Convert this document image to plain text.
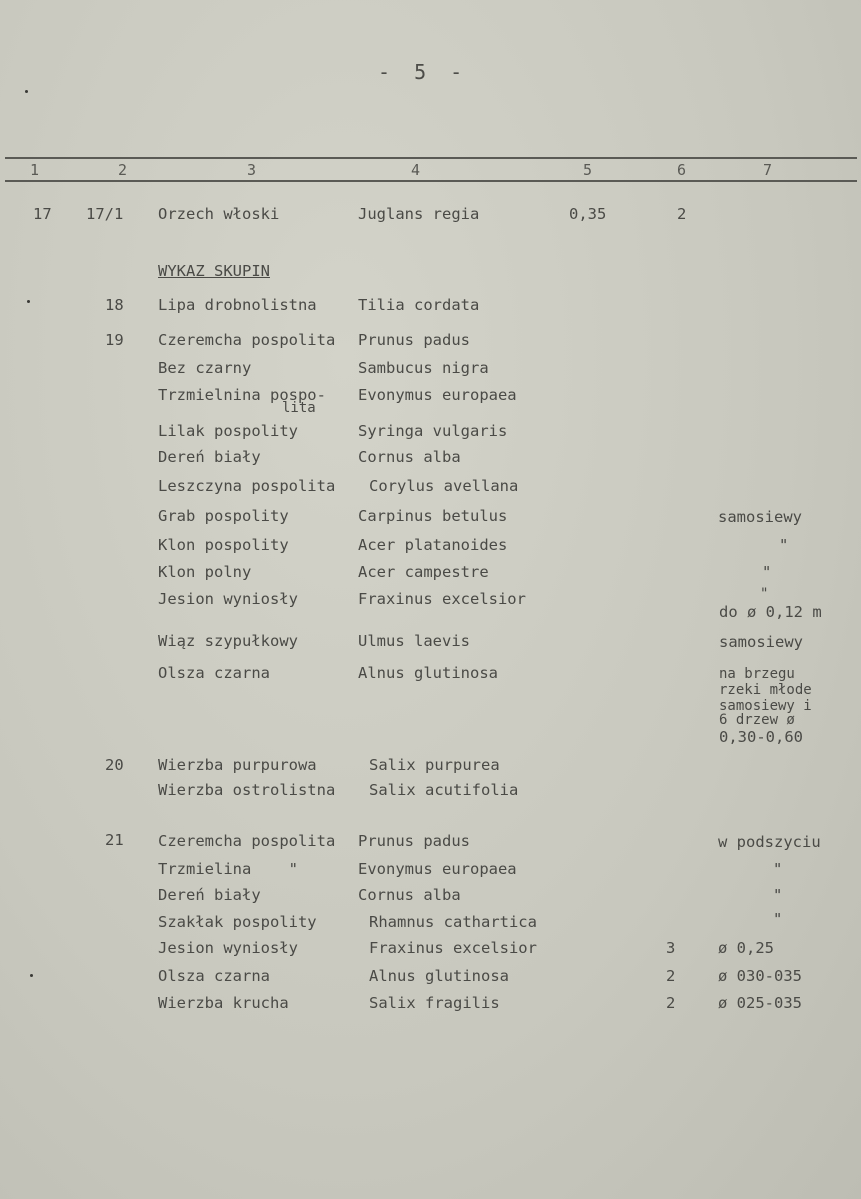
- 5 -
1	2	3	4	5	6	7
17 17/1 Orzech włoski	Juglans regia	0,35	2
WYKAZ SKUPIN
18 Lipa drobnolistna	Tilia cordata
19 Czeremcha pospolita Prunus padus
Bez czarny	Sambucus nigra
Trzmielnina pospo- Evonymus europaea
lita
Lilak pospolity	Syringa vulgaris
Dereń biały	Cornus alba
Leszczyna pospolita Corylus avellana
Grab pospolity	Carpinus betulus	samosiewy
Klon pospolity	Acer platanoides	"
Klon polny	Acer campestre	"
Jesion wyniosły	Fraxinus excelsior	"
do ø 0,12 m
Wiąz szypułkowy	Ulmus laevis	samosiewy
Olsza czarna	Alnus glutinosa	na brzegu
rzeki młode
samosiewy i
6 drzew ø
0,30-0,60
20 Wierzba purpurowa	Salix purpurea
Wierzba ostrolistna Salix acutifolia
21 Czeremcha pospolita Prunus padus	w podszyciu
Trzmielina    "	Evonymus europaea	"
Dereń biały	Cornus alba	"
Szakłak pospolity	Rhamnus cathartica	"
Jesion wyniosły	Fraxinus excelsior	3	ø 0,25
Olsza czarna	Alnus glutinosa	2	ø 030-035
Wierzba krucha	Salix fragilis	2	ø 025-035
